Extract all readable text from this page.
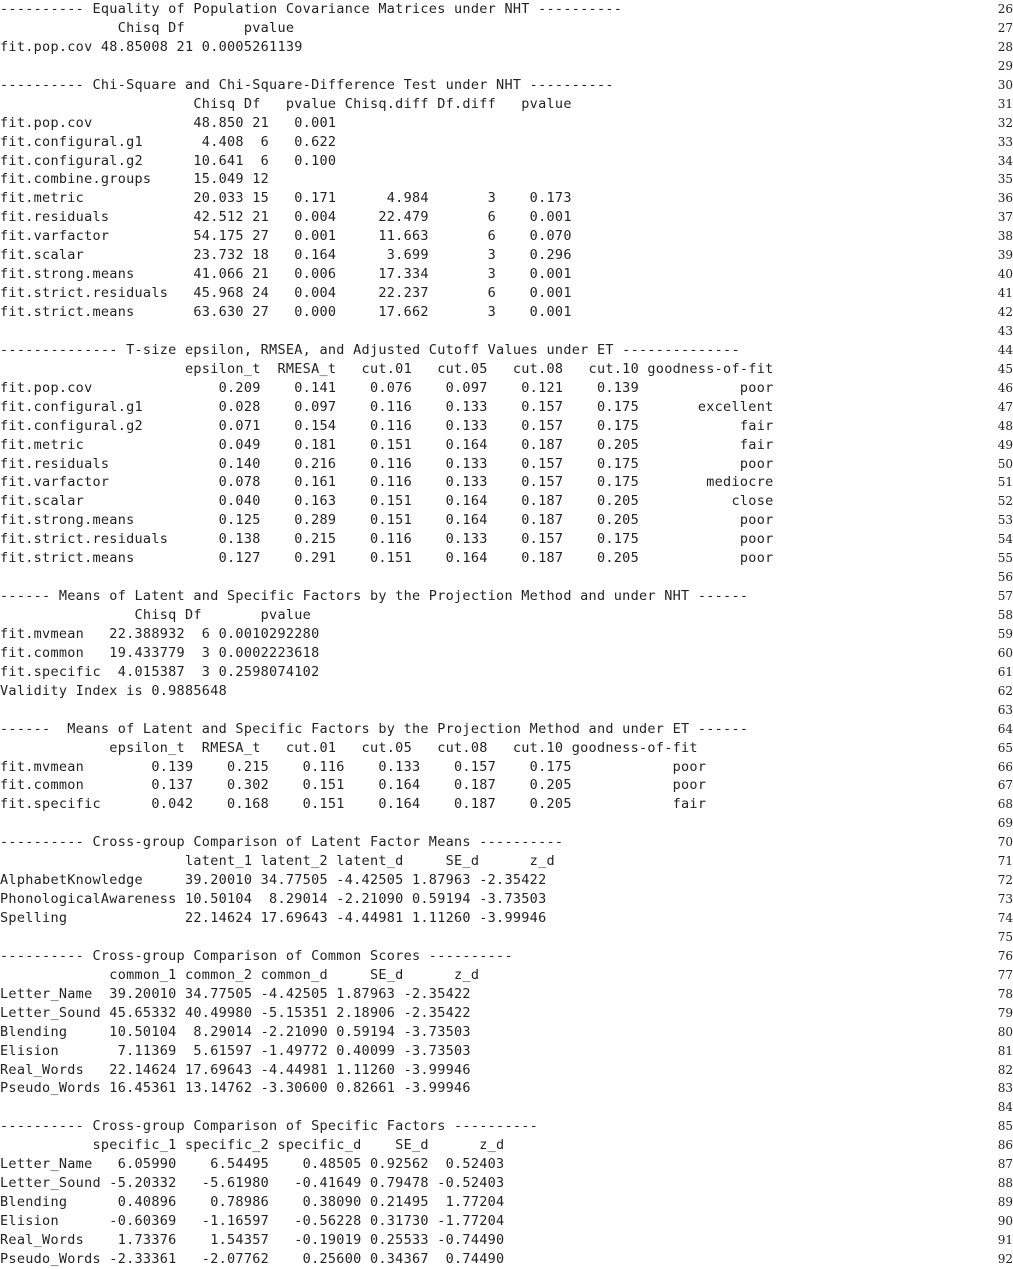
---------- Equality of Population Covariance Matrices under NHT ----------
Chisq Df       pvalue
fit.pop.cov 48.85008 21 0.0005261139
---------- Chi-Square and Chi-Square-Difference Test under NHT ----------
Chisq Df   pvalue Chisq.diff Df.diff   pvalue
fit.pop.cov            48.850 21   0.001
fit.configural.g1       4.408  6   0.622
fit.configural.g2      10.641  6   0.100
fit.combine.groups     15.049 12
fit.metric             20.033 15   0.171      4.984       3    0.173
fit.residuals          42.512 21   0.004     22.479       6    0.001
fit.varfactor          54.175 27   0.001     11.663       6    0.070
fit.scalar             23.732 18   0.164      3.699       3    0.296
fit.strong.means       41.066 21   0.006     17.334       3    0.001
fit.strict.residuals   45.968 24   0.004     22.237       6    0.001
fit.strict.means       63.630 27   0.000     17.662       3    0.001
-------------- T-size epsilon, RMSEA, and Adjusted Cutoff Values under ET --------------
epsilon_t  RMESA_t   cut.01   cut.05   cut.08   cut.10 goodness-of-fit
fit.pop.cov               0.209    0.141    0.076    0.097    0.121    0.139            poor
fit.configural.g1         0.028    0.097    0.116    0.133    0.157    0.175       excellent
fit.configural.g2         0.071    0.154    0.116    0.133    0.157    0.175            fair
fit.metric                0.049    0.181    0.151    0.164    0.187    0.205            fair
fit.residuals             0.140    0.216    0.116    0.133    0.157    0.175            poor
fit.varfactor             0.078    0.161    0.116    0.133    0.157    0.175        mediocre
fit.scalar                0.040    0.163    0.151    0.164    0.187    0.205           close
fit.strong.means          0.125    0.289    0.151    0.164    0.187    0.205            poor
fit.strict.residuals      0.138    0.215    0.116    0.133    0.157    0.175            poor
fit.strict.means          0.127    0.291    0.151    0.164    0.187    0.205            poor
------ Means of Latent and Specific Factors by the Projection Method and under NHT ------
Chisq Df       pvalue
fit.mvmean   22.388932  6 0.0010292280
fit.common   19.433779  3 0.0002223618
fit.specific  4.015387  3 0.2598074102
Validity Index is 0.9885648
------  Means of Latent and Specific Factors by the Projection Method and under ET ------
epsilon_t  RMESA_t   cut.01   cut.05   cut.08   cut.10 goodness-of-fit
fit.mvmean        0.139    0.215    0.116    0.133    0.157    0.175            poor
fit.common        0.137    0.302    0.151    0.164    0.187    0.205            poor
fit.specific      0.042    0.168    0.151    0.164    0.187    0.205            fair
---------- Cross-group Comparison of Latent Factor Means ----------
latent_1 latent_2 latent_d     SE_d      z_d
AlphabetKnowledge     39.20010 34.77505 -4.42505 1.87963 -2.35422
PhonologicalAwareness 10.50104  8.29014 -2.21090 0.59194 -3.73503
Spelling              22.14624 17.69643 -4.44981 1.11260 -3.99946
---------- Cross-group Comparison of Common Scores ----------
common_1 common_2 common_d     SE_d      z_d
Letter_Name  39.20010 34.77505 -4.42505 1.87963 -2.35422
Letter_Sound 45.65332 40.49980 -5.15351 2.18906 -2.35422
Blending     10.50104  8.29014 -2.21090 0.59194 -3.73503
Elision       7.11369  5.61597 -1.49772 0.40099 -3.73503
Real_Words   22.14624 17.69643 -4.44981 1.11260 -3.99946
Pseudo_Words 16.45361 13.14762 -3.30600 0.82661 -3.99946
---------- Cross-group Comparison of Specific Factors ----------
specific_1 specific_2 specific_d    SE_d      z_d
Letter_Name   6.05990    6.54495    0.48505 0.92562  0.52403
Letter_Sound -5.20332   -5.61980   -0.41649 0.79478 -0.52403
Blending      0.40896    0.78986    0.38090 0.21495  1.77204
Elision      -0.60369   -1.16597   -0.56228 0.31730 -1.77204
Real_Words    1.73376    1.54357   -0.19019 0.25533 -0.74490
Pseudo_Words -2.33361   -2.07762    0.25600 0.34367  0.74490
26
27
28
29
30
31
32
33
34
35
36
37
38
39
40
41
42
43
44
45
46
47
48
49
50
51
52
53
54
55
56
57
58
59
60
61
62
63
64
65
66
67
68
69
70
71
72
73
74
75
76
77
78
79
80
81
82
83
84
85
86
87
88
89
90
91
92
